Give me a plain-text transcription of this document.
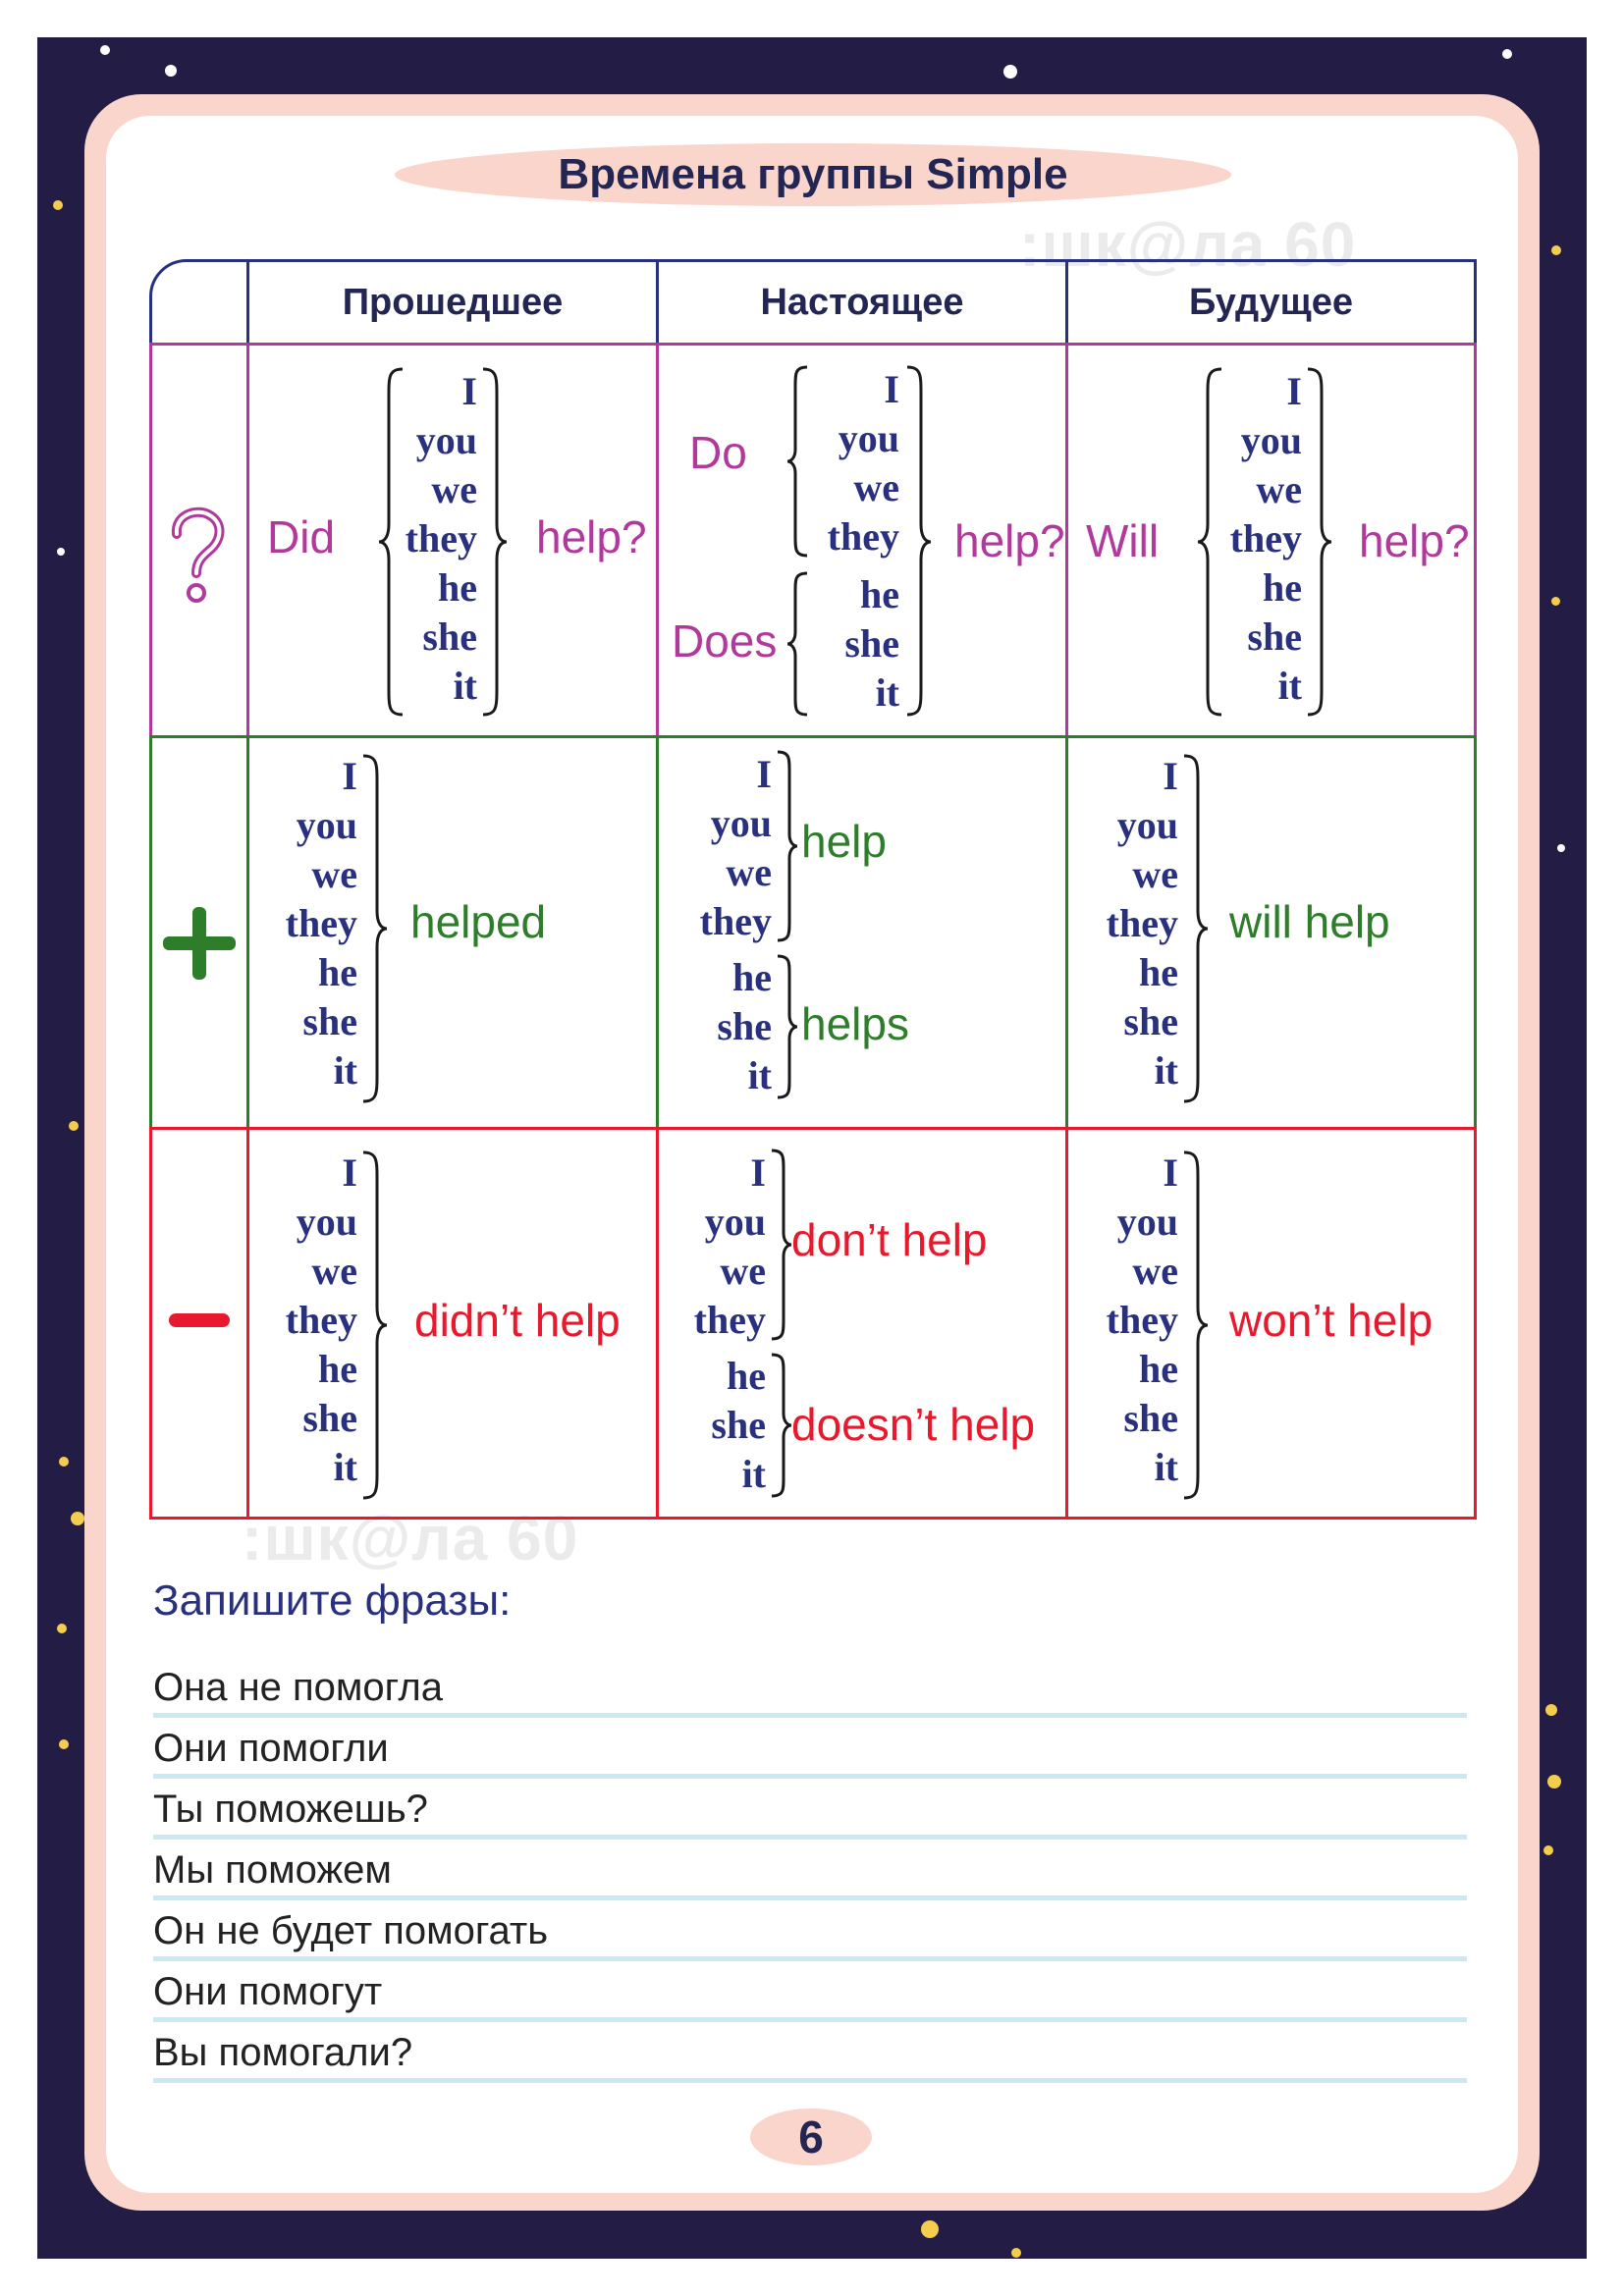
Времена группы Simple
:шк@ла 60
:шк@ла 60
Прошедшее	Настоящее	Будущее
Did
I
you
we
they
he
she
it
help?
Do
Does
I
you
we
they
he
she
it
help? Will
I
you
we
they
he
she
it
help?
I
you
we
they
he
she
it
helped
I
you
we
they
help
he
she
it
helps
I
you
we
they
he
she
it
will help
I
you
we
they
he
she
it
didn’t help
I
you
we
they
don’t help
he
she
it
doesn’t help
I
you
we
they
he
she
it
won’t help
Запишите фразы:
Она не помогла
Они помогли
Ты поможешь?
Мы поможем
Он не будет помогать
Они помогут
Вы помогали?
6
